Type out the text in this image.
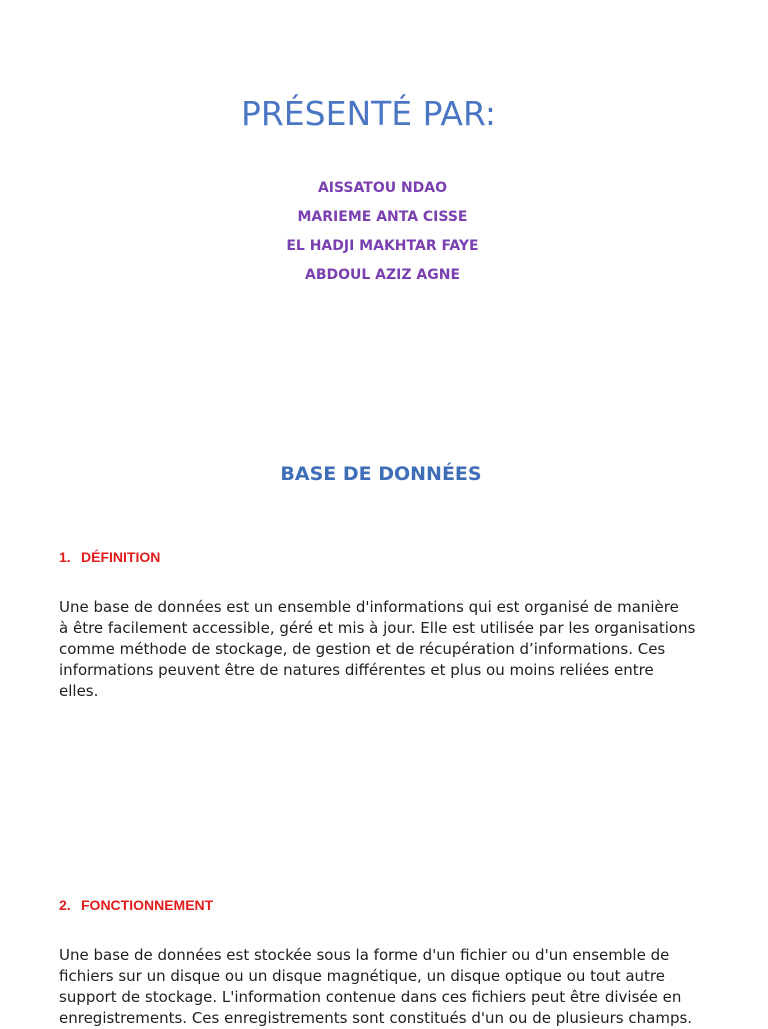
PRÉSENTÉ PAR:
AISSATOU NDAO
MARIEME ANTA CISSE
EL HADJI MAKHTAR FAYE
ABDOUL AZIZ AGNE
BASE DE DONNÉES
1. DÉFINITION

Une base de données est un ensemble d'informations qui est organisé de manière
à être facilement accessible, géré et mis à jour. Elle est utilisée par les organisations
comme méthode de stockage, de gestion et de récupération d’informations. Ces
informations peuvent être de natures différentes et plus ou moins reliées entre
elles.

2. FONCTIONNEMENT

Une base de données est stockée sous la forme d'un fichier ou d'un ensemble de
fichiers sur un disque ou un disque magnétique, un disque optique ou tout autre
support de stockage. L'information contenue dans ces fichiers peut être divisée en
enregistrements. Ces enregistrements sont constitués d'un ou de plusieurs champs.
